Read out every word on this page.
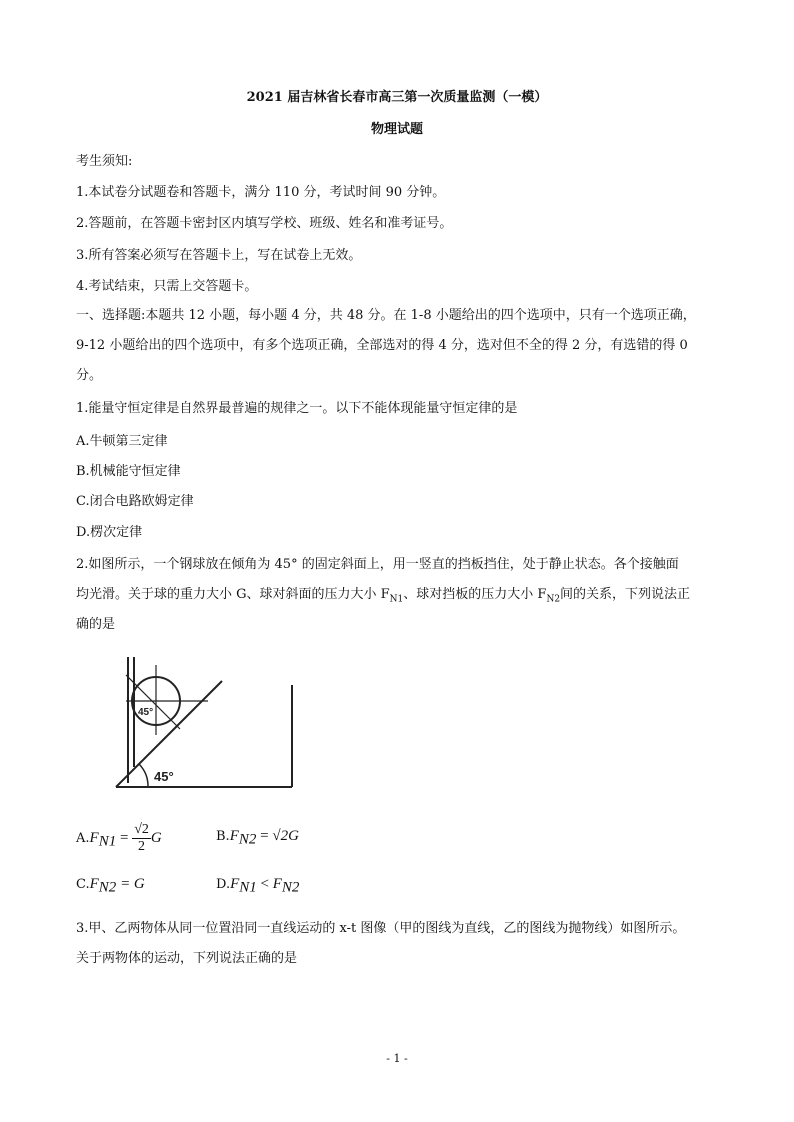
2021 届吉林省长春市高三第一次质量监测（一模）
物理试题
考生须知:
1.本试卷分试题卷和答题卡，满分 110 分，考试时间 90 分钟。
2.答题前，在答题卡密封区内填写学校、班级、姓名和准考证号。
3.所有答案必须写在答题卡上，写在试卷上无效。
4.考试结束，只需上交答题卡。
一、选择题:本题共 12 小题，每小题 4 分，共 48 分。在 1-8 小题给出的四个选项中，只有一个选项正确，
9-12 小题给出的四个选项中，有多个选项正确，全部选对的得 4 分，选对但不全的得 2 分，有选错的得 0
分。
1.能量守恒定律是自然界最普遍的规律之一。以下不能体现能量守恒定律的是
A.牛顿第三定律
B.机械能守恒定律
C.闭合电路欧姆定律
D.楞次定律
2.如图所示，一个钢球放在倾角为 45° 的固定斜面上，用一竖直的挡板挡住，处于静止状态。各个接触面
均光滑。关于球的重力大小 G、球对斜面的压力大小 $F_{N1}$、球对挡板的压力大小 $F_{N2}$间的关系，下列说法正
确的是
45°
45°
$A.F_{N1} = \frac{√2}{2}$ G	$B.F_{N2} = √2G$
$C.F_{N2} = G$	$D.F_{N1} < F_{N2}$
3.甲、乙两物体从同一位置沿同一直线运动的 x-t 图像（甲的图线为直线，乙的图线为抛物线）如图所示。
关于两物体的运动，下列说法正确的是
- 1 -
